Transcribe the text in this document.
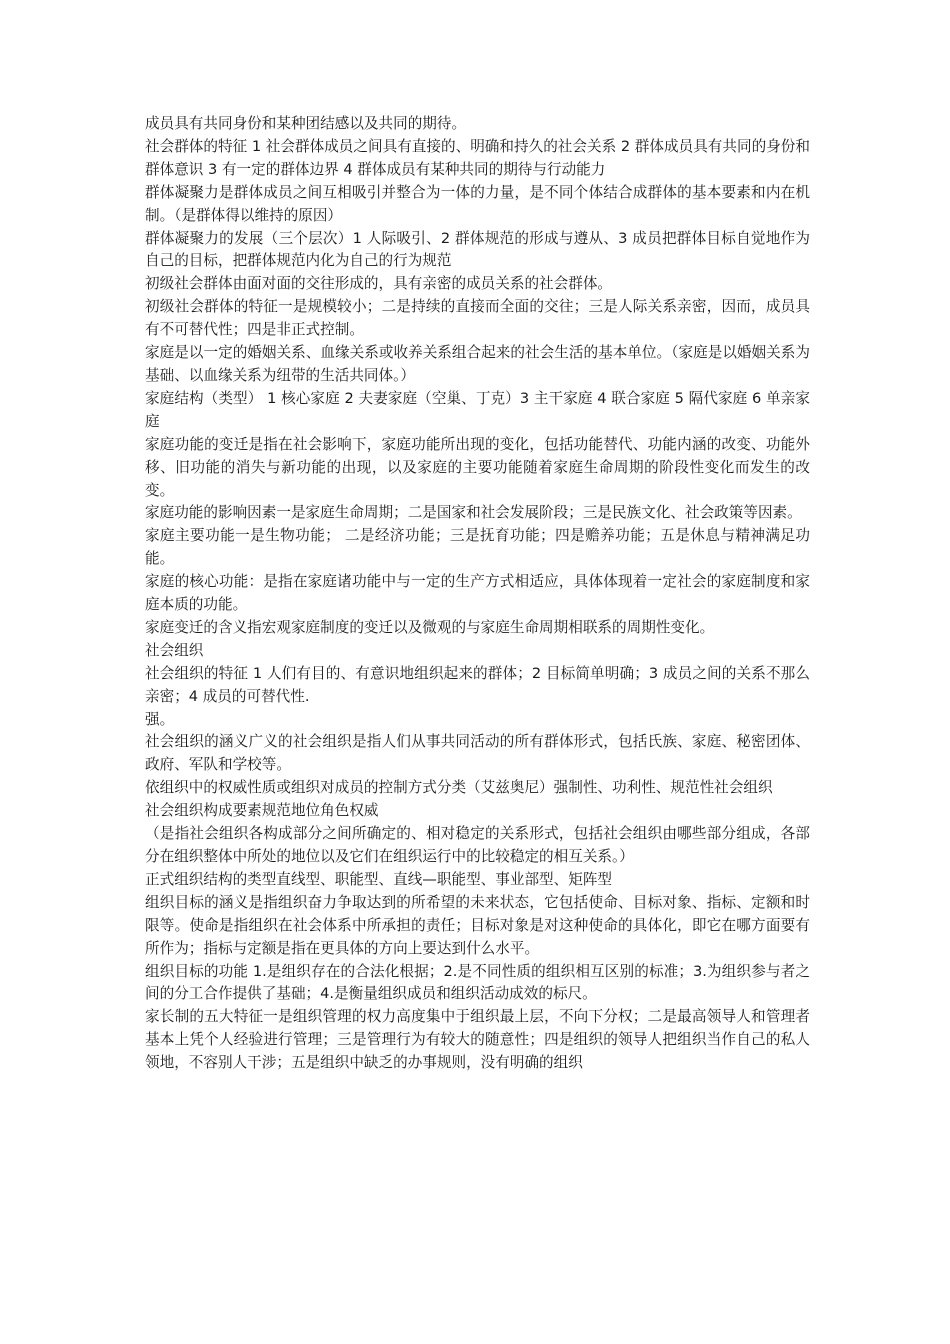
成员具有共同身份和某种团结感以及共同的期待。

社会群体的特征 1 社会群体成员之间具有直接的、明确和持久的社会关系 2 群体成员具有共同的身份和群体意识 3 有一定的群体边界 4 群体成员有某种共同的期待与行动能力

群体凝聚力是群体成员之间互相吸引并整合为一体的力量，是不同个体结合成群体的基本要素和内在机制。（是群体得以维持的原因）

群体凝聚力的发展（三个层次）1 人际吸引、2 群体规范的形成与遵从、3 成员把群体目标自觉地作为自己的目标，把群体规范内化为自己的行为规范

初级社会群体由面对面的交往形成的，具有亲密的成员关系的社会群体。

初级社会群体的特征一是规模较小；二是持续的直接而全面的交往；三是人际关系亲密，因而，成员具有不可替代性；四是非正式控制。

家庭是以一定的婚姻关系、血缘关系或收养关系组合起来的社会生活的基本单位。（家庭是以婚姻关系为基础、以血缘关系为纽带的生活共同体。）

家庭结构（类型） 1 核心家庭 2 夫妻家庭（空巢、丁克）3 主干家庭 4 联合家庭 5 隔代家庭 6 单亲家庭

家庭功能的变迁是指在社会影响下，家庭功能所出现的变化，包括功能替代、功能内涵的改变、功能外移、旧功能的消失与新功能的出现，以及家庭的主要功能随着家庭生命周期的阶段性变化而发生的改变。

家庭功能的影响因素一是家庭生命周期；二是国家和社会发展阶段；三是民族文化、社会政策等因素。

家庭主要功能一是生物功能； 二是经济功能；三是抚育功能；四是赡养功能；五是休息与精神满足功能。

家庭的核心功能：是指在家庭诸功能中与一定的生产方式相适应，具体体现着一定社会的家庭制度和家庭本质的功能。

家庭变迁的含义指宏观家庭制度的变迁以及微观的与家庭生命周期相联系的周期性变化。

社会组织

社会组织的特征 1 人们有目的、有意识地组织起来的群体；2 目标简单明确；3 成员之间的关系不那么亲密；4 成员的可替代性.

强。

社会组织的涵义广义的社会组织是指人们从事共同活动的所有群体形式，包括氏族、家庭、秘密团体、政府、军队和学校等。

依组织中的权威性质或组织对成员的控制方式分类（艾兹奥尼）强制性、功利性、规范性社会组织

社会组织构成要素规范地位角色权威

（是指社会组织各构成部分之间所确定的、相对稳定的关系形式，包括社会组织由哪些部分组成，各部分在组织整体中所处的地位以及它们在组织运行中的比较稳定的相互关系。）

正式组织结构的类型直线型、职能型、直线—职能型、事业部型、矩阵型

组织目标的涵义是指组织奋力争取达到的所希望的未来状态，它包括使命、目标对象、指标、定额和时限等。使命是指组织在社会体系中所承担的责任；目标对象是对这种使命的具体化，即它在哪方面要有所作为；指标与定额是指在更具体的方向上要达到什么水平。

组织目标的功能 1.是组织存在的合法化根据；2.是不同性质的组织相互区别的标准；3.为组织参与者之间的分工合作提供了基础；4.是衡量组织成员和组织活动成效的标尺。

家长制的五大特征一是组织管理的权力高度集中于组织最上层，不向下分权；二是最高领导人和管理者基本上凭个人经验进行管理；三是管理行为有较大的随意性；四是组织的领导人把组织当作自己的私人领地，不容别人干涉；五是组织中缺乏的办事规则，没有明确的组织
